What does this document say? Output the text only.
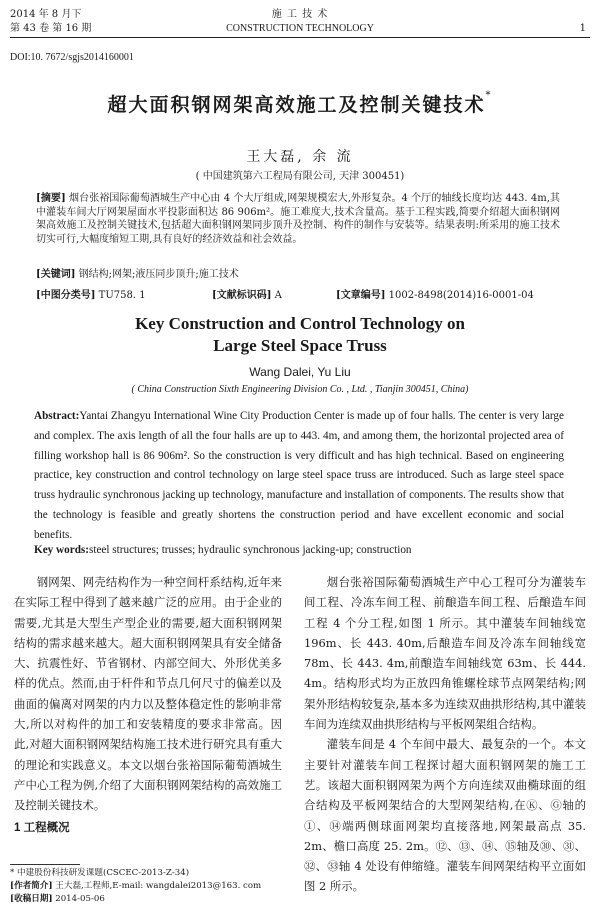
2014 年 8 月下
第 43 卷 第 16 期
施 工 技 术
CONSTRUCTION TECHNOLOGY	1
DOI:10. 7672/sgjs2014160001
超大面积钢网架高效施工及控制关键技术*
王大磊, 余 流
( 中国建筑第六工程局有限公司, 天津 300451)
[摘要] 烟台张裕国际葡萄酒城生产中心由 4 个大厅组成,网架规模宏大,外形复杂。4 个厅的轴线长度均达 443. 4m,其中灌装车间大厅网架屋面水平投影面积达 86 906m²。施工难度大,技术含量高。基于工程实践,简要介绍超大面积钢网架高效施工及控制关键技术,包括超大面积钢网架同步顶升及控制、构件的制作与安装等。结果表明:所采用的施工技术切实可行,大幅度缩短工期,具有良好的经济效益和社会效益。
[关键词] 钢结构;网架;液压同步顶升;施工技术
[中图分类号] TU758. 1	[文献标识码] A	[文章编号] 1002-8498(2014)16-0001-04
Key Construction and Control Technology on
Large Steel Space Truss
Wang Dalei, Yu Liu
( China Construction Sixth Engineering Division Co. , Ltd. , Tianjin 300451, China)
Abstract:Yantai Zhangyu International Wine City Production Center is made up of four halls. The center is very large and complex. The axis length of all the four halls are up to 443. 4m, and among them, the horizontal projected area of filling workshop hall is 86 906m². So the construction is very difficult and has high technical. Based on engineering practice, key construction and control technology on large steel space truss are introduced. Such as large steel space truss hydraulic synchronous jacking up technology, manufacture and installation of components. The results show that the technology is feasible and greatly shortens the construction period and have excellent economic and social benefits.
Key words:steel structures; trusses; hydraulic synchronous jacking-up; construction

钢网架、网壳结构作为一种空间杆系结构,近年来在实际工程中得到了越来越广泛的应用。由于企业的需要,尤其是大型生产型企业的需要,超大面积钢网架结构的需求越来越大。超大面积钢网架具有安全储备大、抗震性好、节省钢材、内部空间大、外形优美多样的优点。然而,由于杆件和节点几何尺寸的偏差以及曲面的偏离对网架的内力以及整体稳定性的影响非常大,所以对构件的加工和安装精度的要求非常高。因此,对超大面积钢网架结构施工技术进行研究具有重大的理论和实践意义。本文以烟台张裕国际葡萄酒城生产中心工程为例,介绍了大面积钢网架结构的高效施工及控制关键技术。

1 工程概况

烟台张裕国际葡萄酒城生产中心工程可分为灌装车间工程、冷冻车间工程、前酿造车间工程、后酿造车间工程 4 个分工程,如图 1 所示。其中灌装车间轴线宽 196m、长 443. 40m,后酿造车间及冷冻车间轴线宽 78m、长 443. 4m,前酿造车间轴线宽 63m、长 444. 4m。结构形式均为正放四角锥螺栓球节点网架结构;网架外形结构较复杂,基本多为连续双曲拱形结构,其中灌装车间为连续双曲拱形结构与平板网架组合结构。

灌装车间是 4 个车间中最大、最复杂的一个。本文主要针对灌装车间工程探讨超大面积钢网架的施工工艺。该超大面积钢网架为两个方向连续双曲椭球面的组合结构及平板网架结合的大型网架结构,在Ⓚ、Ⓖ轴的①、⑭端两侧球面网架均直接落地,网架最高点 35. 2m、檐口高度 25. 2m。⑫、⑬、⑭、⑮轴及㉚、㉛、㉜、㉝轴 4 处设有伸缩缝。灌装车间网架结构平立面如图 2 所示。

* 中建股份科技研发课题(CSCEC-2013-Z-34)
[作者简介] 王大磊,工程师,E-mail: wangdalei2013@163. com
[收稿日期] 2014-05-06
